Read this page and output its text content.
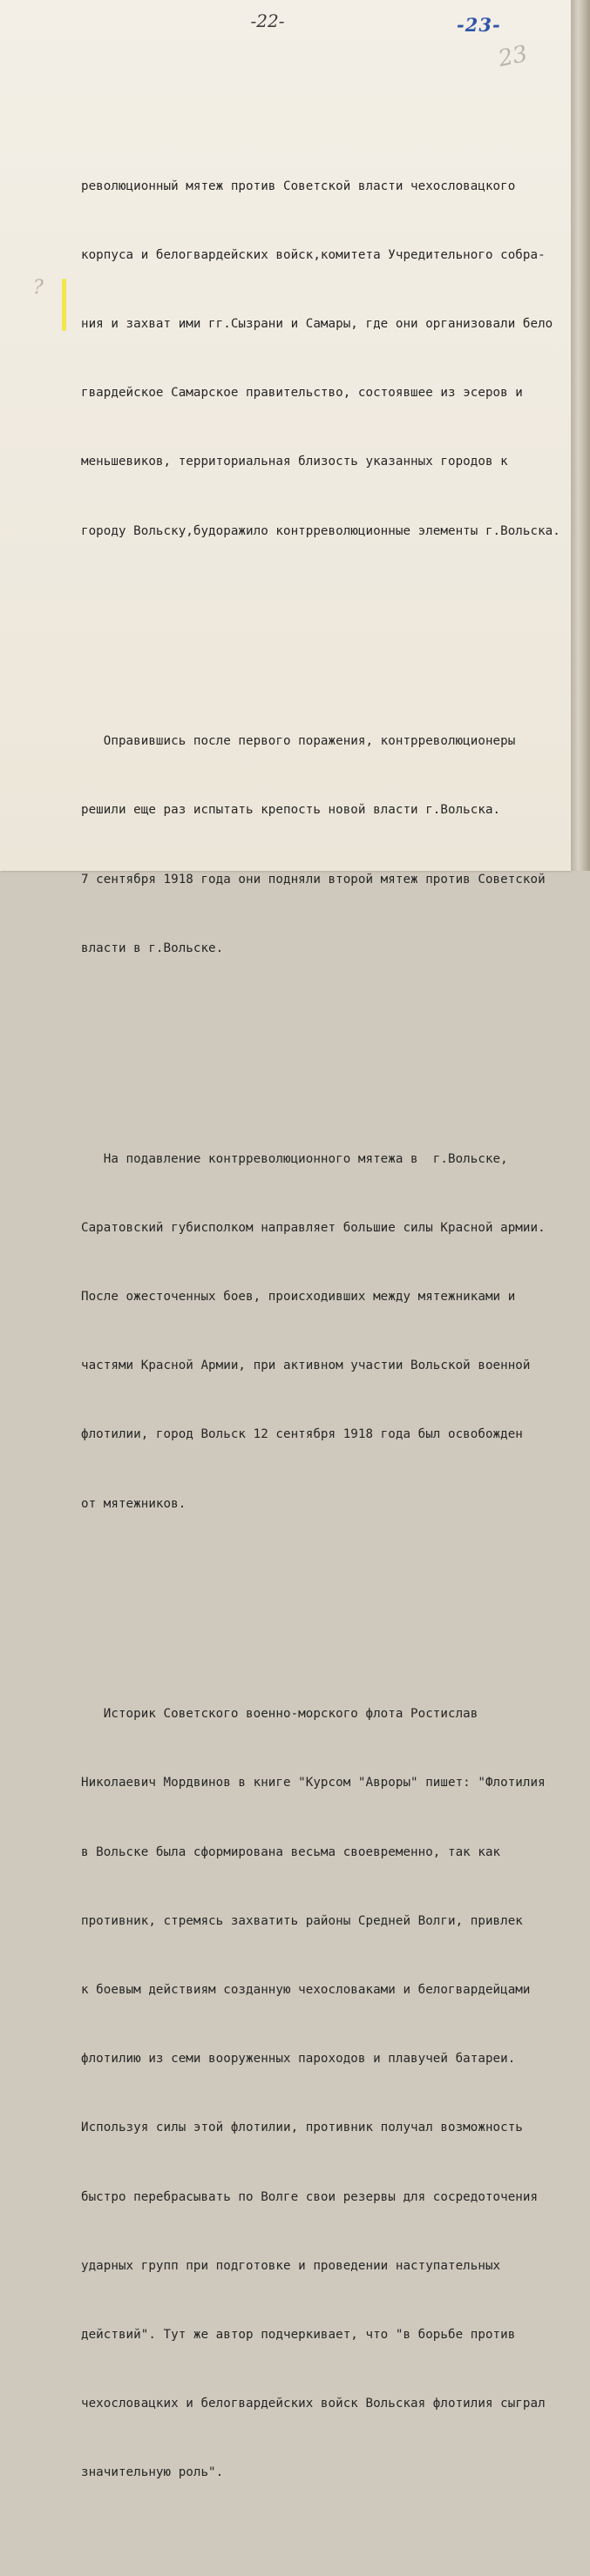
-22-	-23-
23
?

революционный мятеж против Советской власти чехословацкого

корпуса и белогвардейских войск,комитета Учредительного собра-

ния и захват ими гг.Сызрани и Самары, где они организовали бело

гвардейское Самарское правительство, состоявшее из эсеров и

меньшевиков, территориальная близость указанных городов к

городу Вольску,будоражило контрреволюционные элементы г.Вольска.

Оправившись после первого поражения, контрреволюционеры

решили еще раз испытать крепость новой власти г.Вольска.

7 сентября 1918 года они подняли второй мятеж против Советской

власти в г.Вольске.

На подавление контрреволюционного мятежа в  г.Вольске,

Саратовский губисполком направляет большие силы Красной армии.

После ожесточенных боев, происходивших между мятежниками и

частями Красной Армии, при активном участии Вольской военной

флотилии, город Вольск 12 сентября 1918 года был освобожден

от мятежников.

Историк Советского военно-морского флота Ростислав

Николаевич Мордвинов в книге "Курсом "Авроры" пишет: "Флотилия

в Вольске была сформирована весьма своевременно, так как

противник, стремясь захватить районы Средней Волги, привлек

к боевым действиям созданную чехословаками и белогвардейцами

флотилию из семи вооруженных пароходов и плавучей батареи.

Используя силы этой флотилии, противник получал возможность

быстро перебрасывать по Волге свои резервы для сосредоточения

ударных групп при подготовке и проведении наступательных

действий". Тут же автор подчеркивает, что "в борьбе против

чехословацких и белогвардейских войск Вольская флотилия сыграл

значительную роль".
